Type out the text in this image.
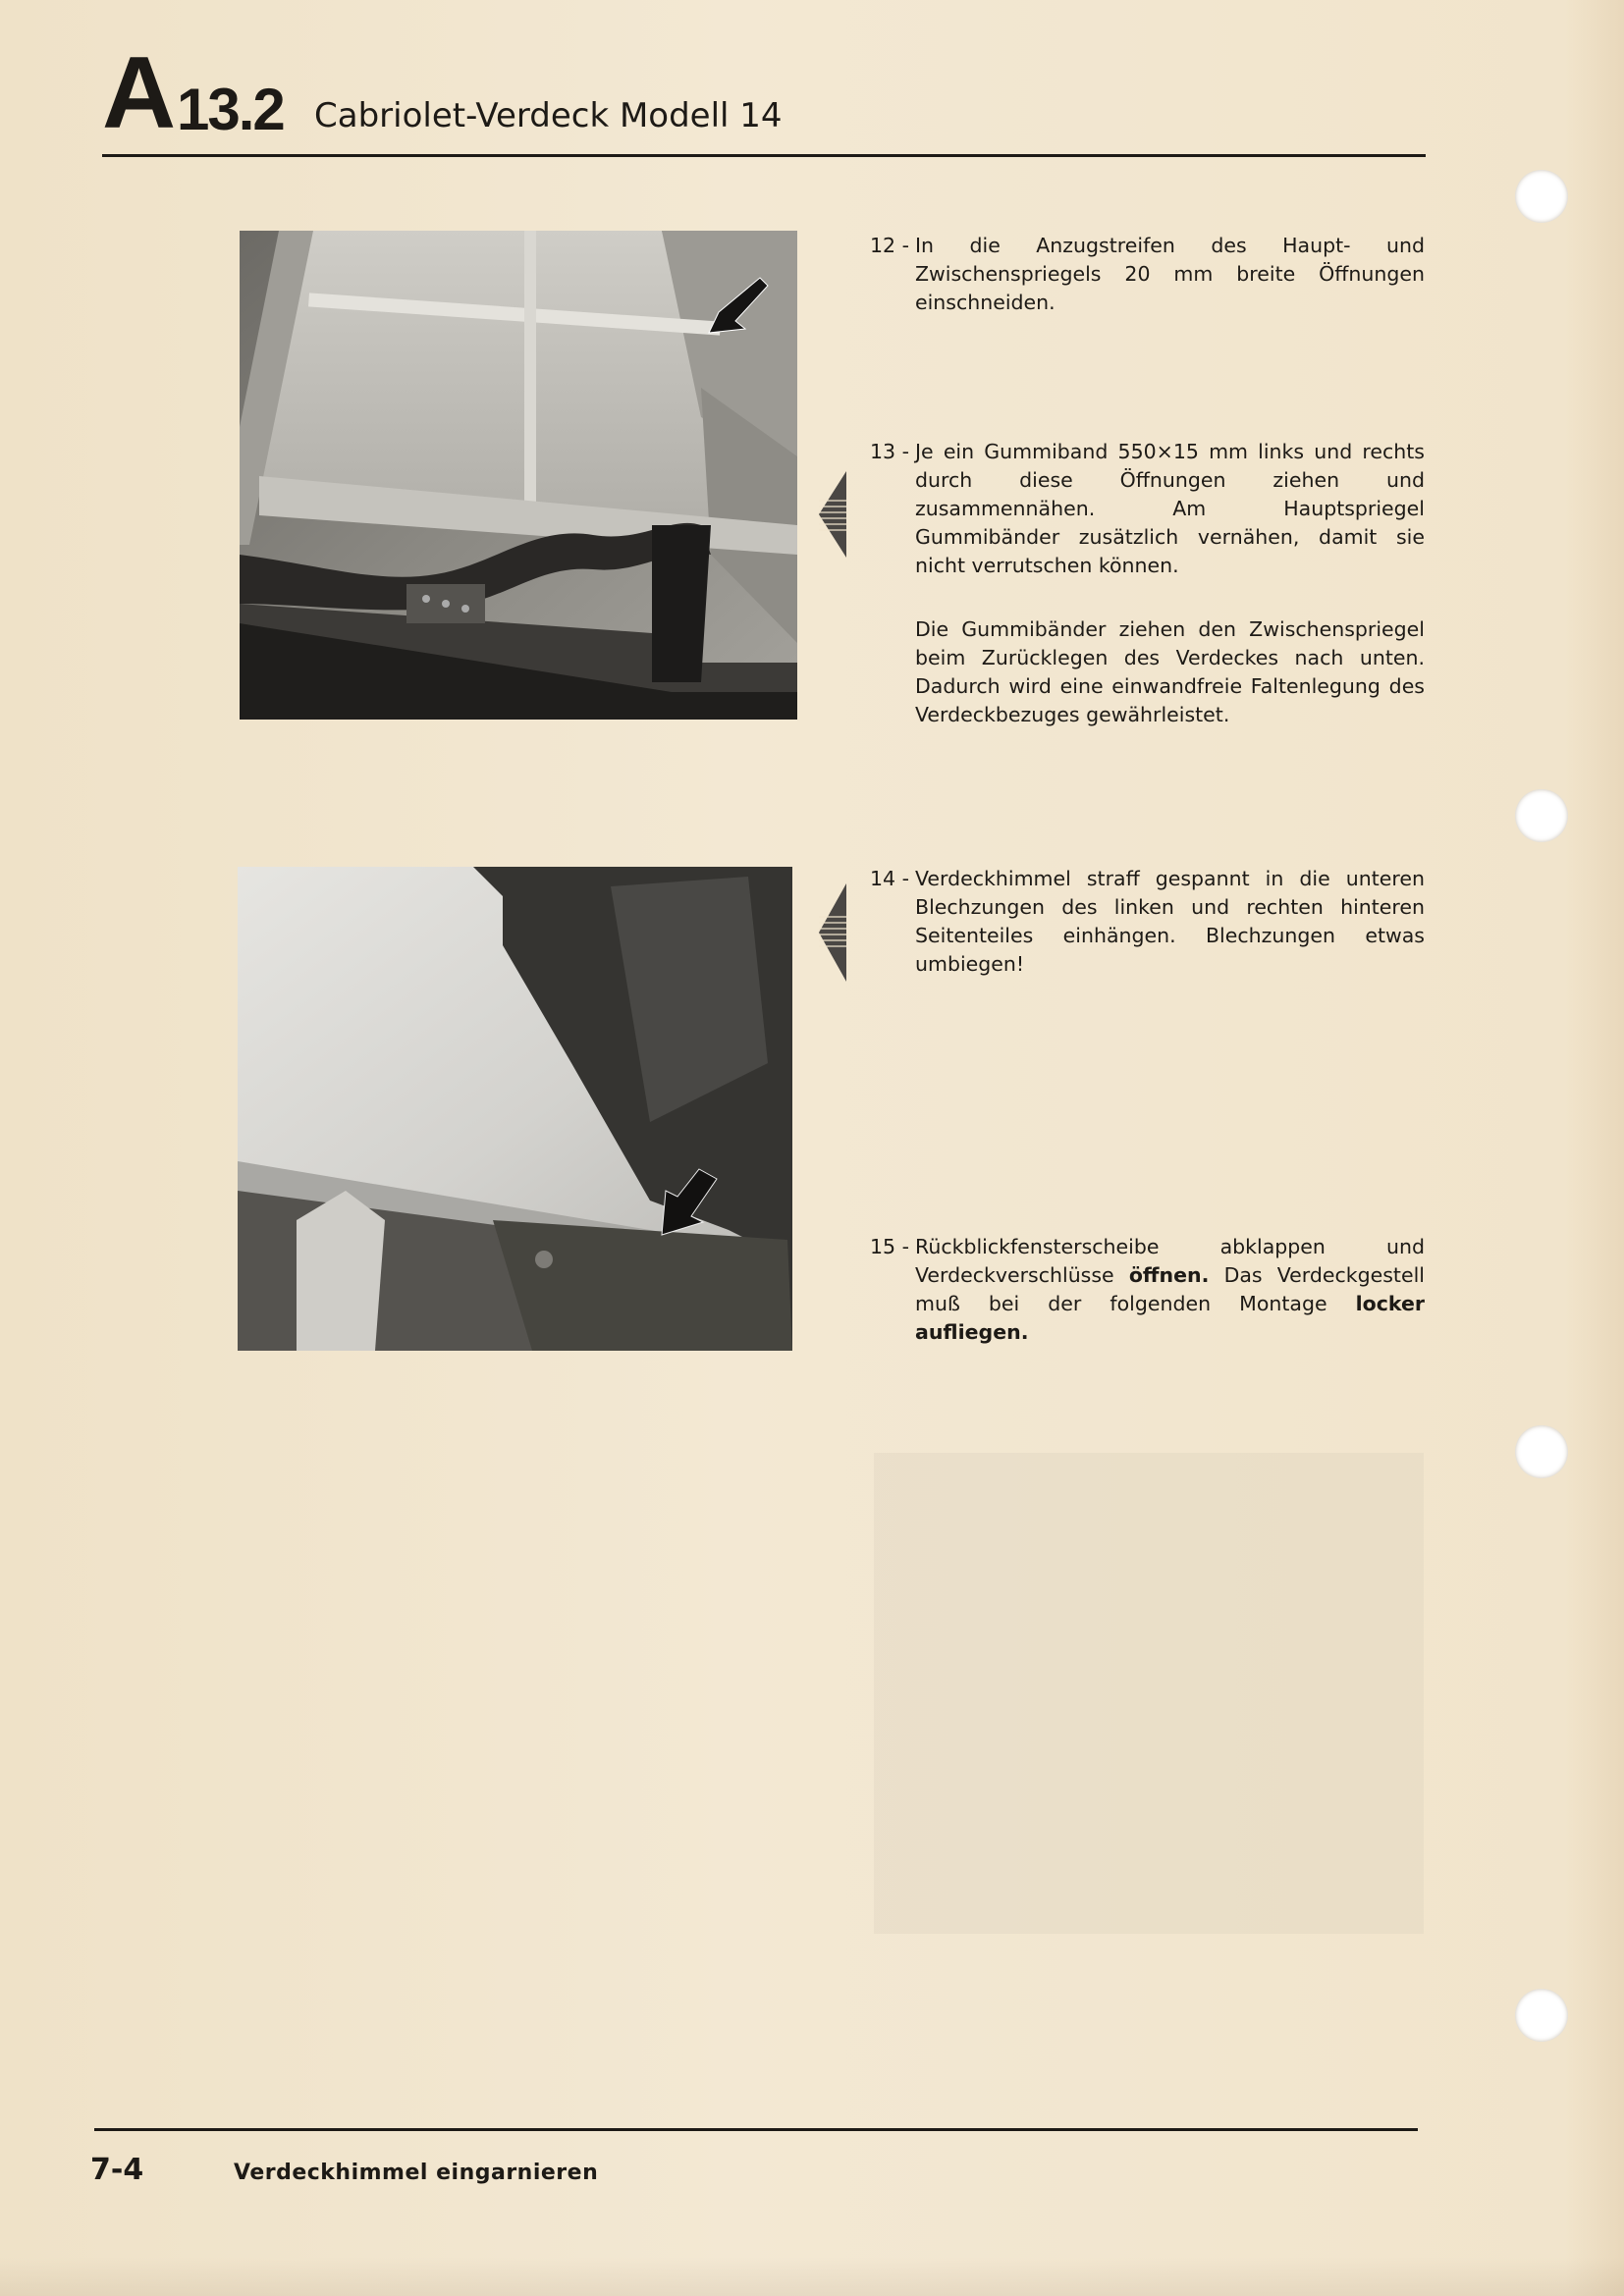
A 13.2 Cabriolet-Verdeck Modell 14
12 - In die Anzugstreifen des Haupt- und Zwischenspriegels 20 mm breite Öffnungen einschneiden.
13 - Je ein Gummiband 550×15 mm links und rechts durch diese Öffnungen ziehen und zusammennähen. Am Hauptspriegel Gummibänder zusätzlich vernähen, damit sie nicht verrutschen können.

Die Gummibänder ziehen den Zwischenspriegel beim Zurücklegen des Verdeckes nach unten. Dadurch wird eine einwandfreie Faltenlegung des Verdeckbezuges gewährleistet.

14 - Verdeckhimmel straff gespannt in die unteren Blechzungen des linken und rechten hinteren Seitenteiles einhängen. Blechzungen etwas umbiegen!
15 - Rückblickfensterscheibe abklappen und Verdeckverschlüsse öffnen. Das Verdeckgestell muß bei der folgenden Montage locker aufliegen.
7-4	Verdeckhimmel eingarnieren
